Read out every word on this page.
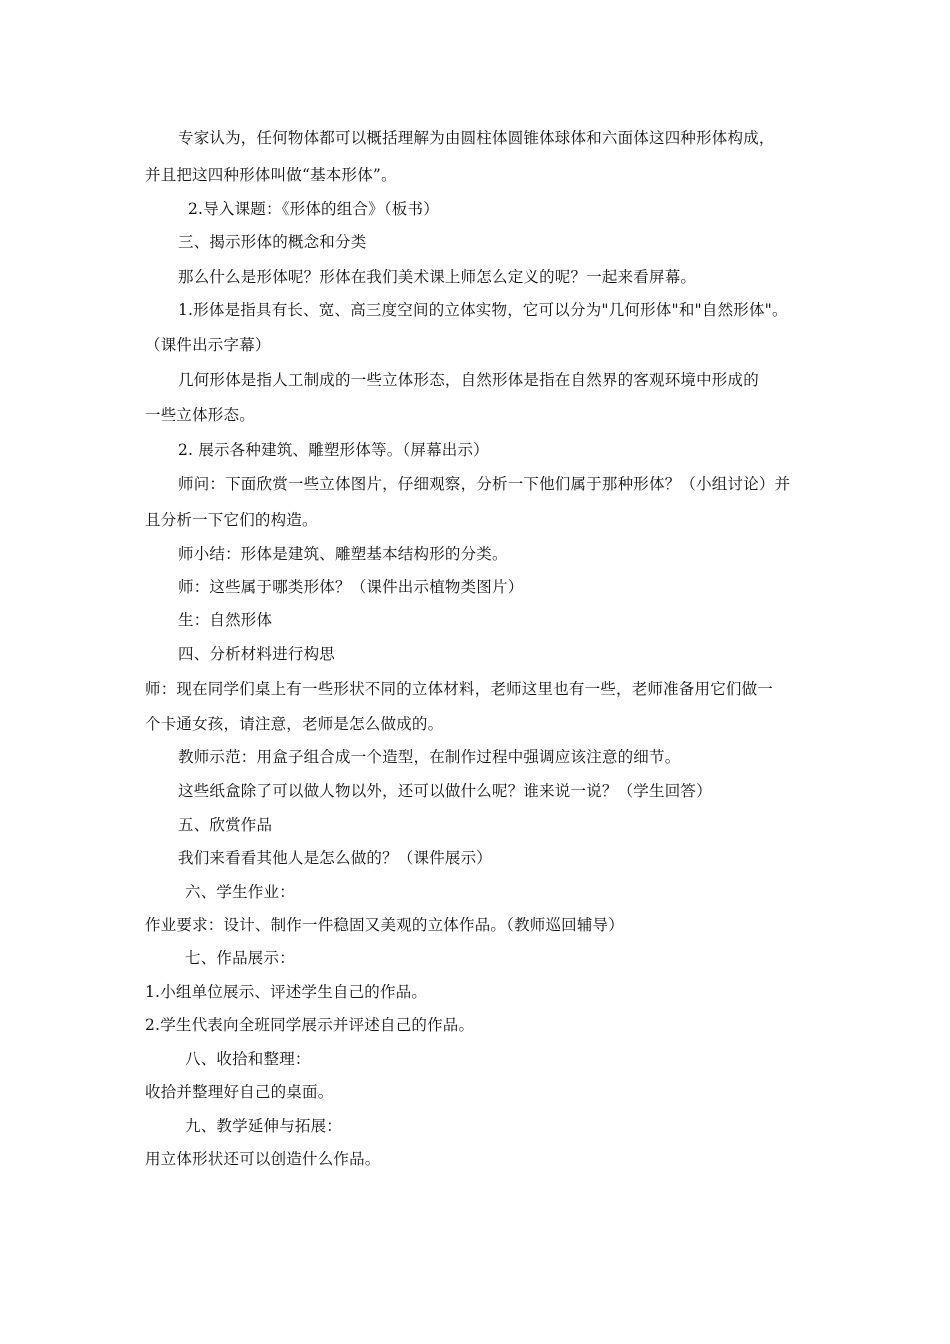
专家认为，任何物体都可以概括理解为由圆柱体圆锥体球体和六面体这四种形体构成，
并且把这四种形体叫做“基本形体”。
2.导入课题：《形体的组合》（板书）
三、揭示形体的概念和分类
那么什么是形体呢？形体在我们美术课上师怎么定义的呢？一起来看屏幕。
1.形体是指具有长、宽、高三度空间的立体实物，它可以分为"几何形体"和"自然形体"。
（课件出示字幕）
几何形体是指人工制成的一些立体形态，自然形体是指在自然界的客观环境中形成的
一些立体形态。
2. 展示各种建筑、雕塑形体等。（屏幕出示）
师问：下面欣赏一些立体图片，仔细观察，分析一下他们属于那种形体？（小组讨论）并
且分析一下它们的构造。
师小结：形体是建筑、雕塑基本结构形的分类。
师：这些属于哪类形体？（课件出示植物类图片）
生：自然形体
四、分析材料进行构思
师：现在同学们桌上有一些形状不同的立体材料，老师这里也有一些，老师准备用它们做一
个卡通女孩，请注意，老师是怎么做成的。
教师示范：用盒子组合成一个造型，在制作过程中强调应该注意的细节。
这些纸盒除了可以做人物以外，还可以做什么呢？谁来说一说？（学生回答）
五、欣赏作品
我们来看看其他人是怎么做的？（课件展示）
六、学生作业：
作业要求：设计、制作一件稳固又美观的立体作品。（教师巡回辅导）
七、作品展示：
1.小组单位展示、评述学生自己的作品。
2.学生代表向全班同学展示并评述自己的作品。
八、收拾和整理：
收拾并整理好自己的桌面。
九、教学延伸与拓展：
用立体形状还可以创造什么作品。
